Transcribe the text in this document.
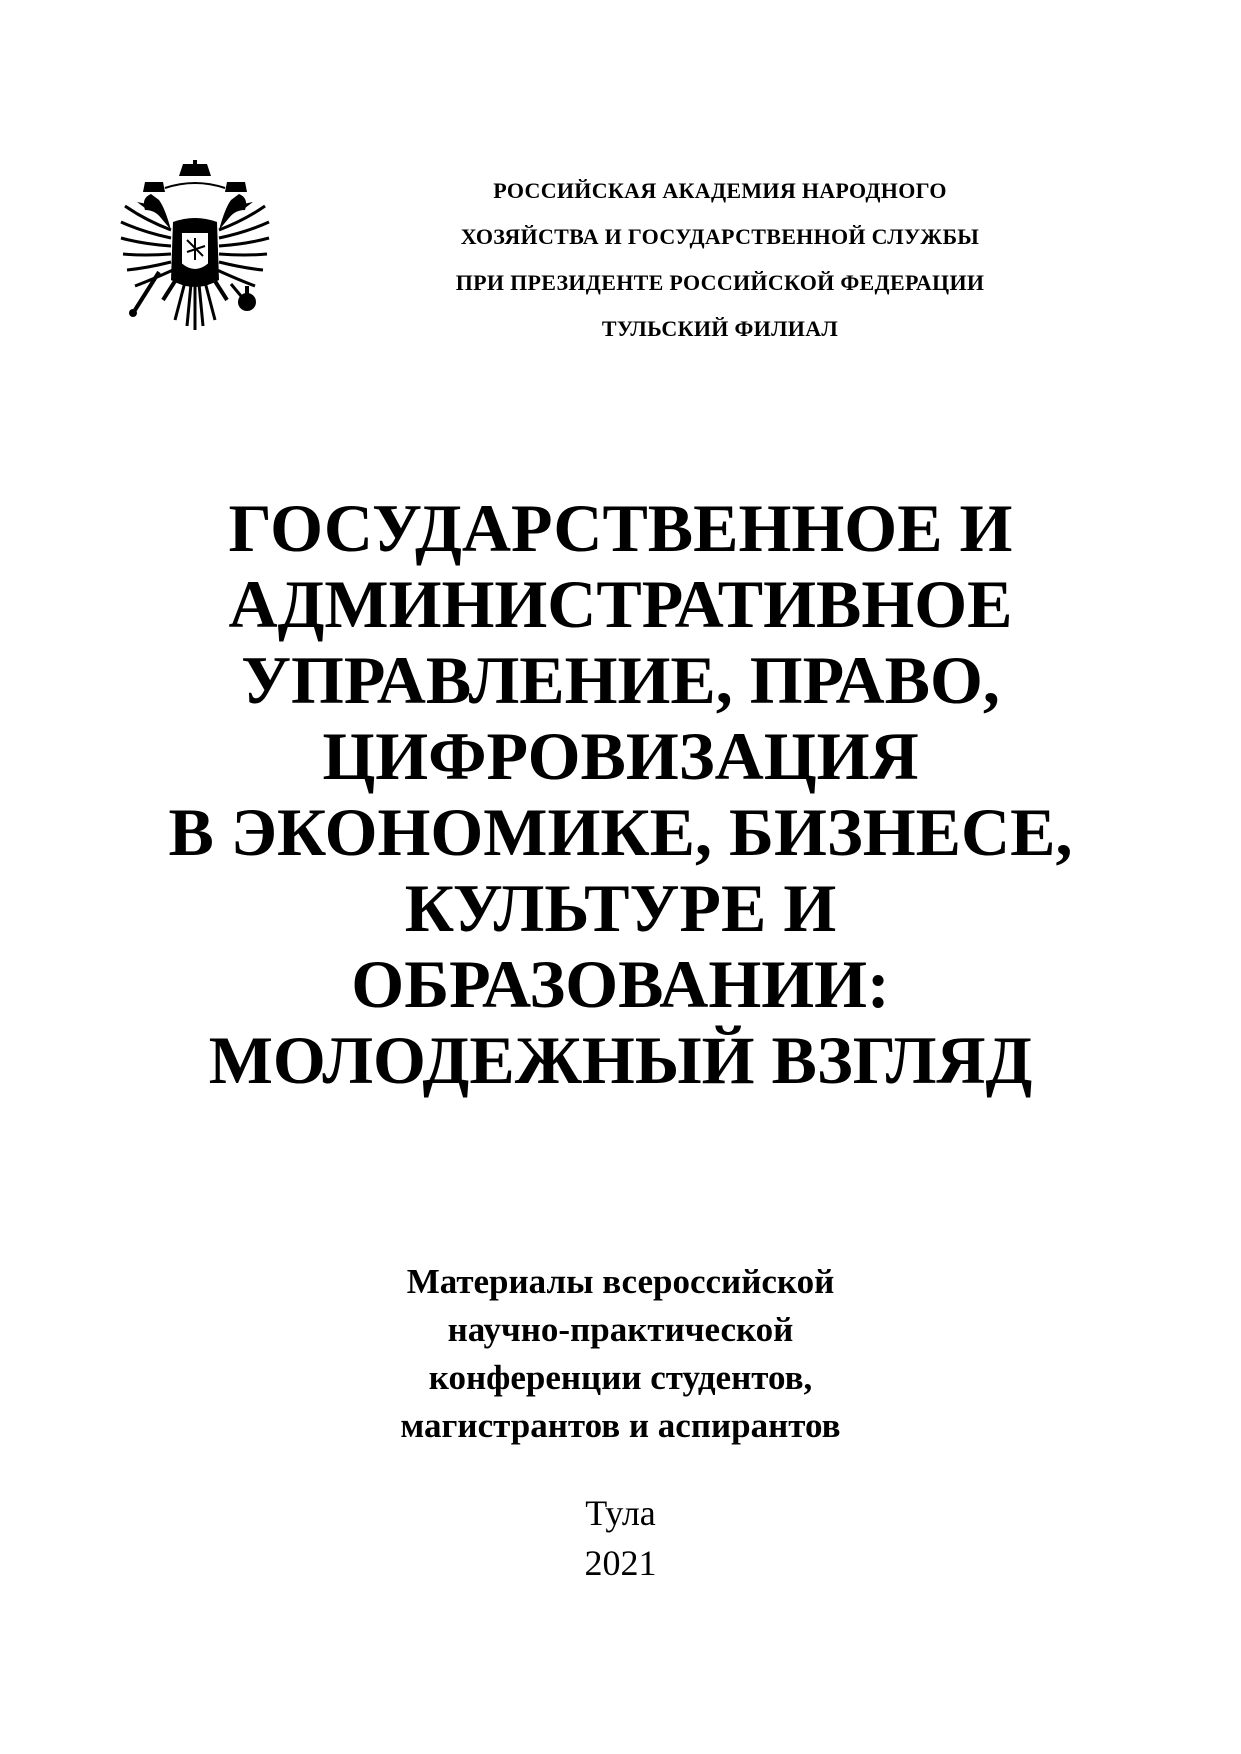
РОССИЙСКАЯ АКАДЕМИЯ НАРОДНОГО
ХОЗЯЙСТВА И ГОСУДАРСТВЕННОЙ СЛУЖБЫ
ПРИ ПРЕЗИДЕНТЕ РОССИЙСКОЙ ФЕДЕРАЦИИ
ТУЛЬСКИЙ ФИЛИАЛ
ГОСУДАРСТВЕННОЕ И
АДМИНИСТРАТИВНОЕ
УПРАВЛЕНИЕ, ПРАВО,
ЦИФРОВИЗАЦИЯ
В ЭКОНОМИКЕ, БИЗНЕСЕ,
КУЛЬТУРЕ И
ОБРАЗОВАНИИ:
МОЛОДЕЖНЫЙ ВЗГЛЯД
Материалы всероссийской
научно-практической
конференции студентов,
магистрантов и аспирантов
Тула
2021
